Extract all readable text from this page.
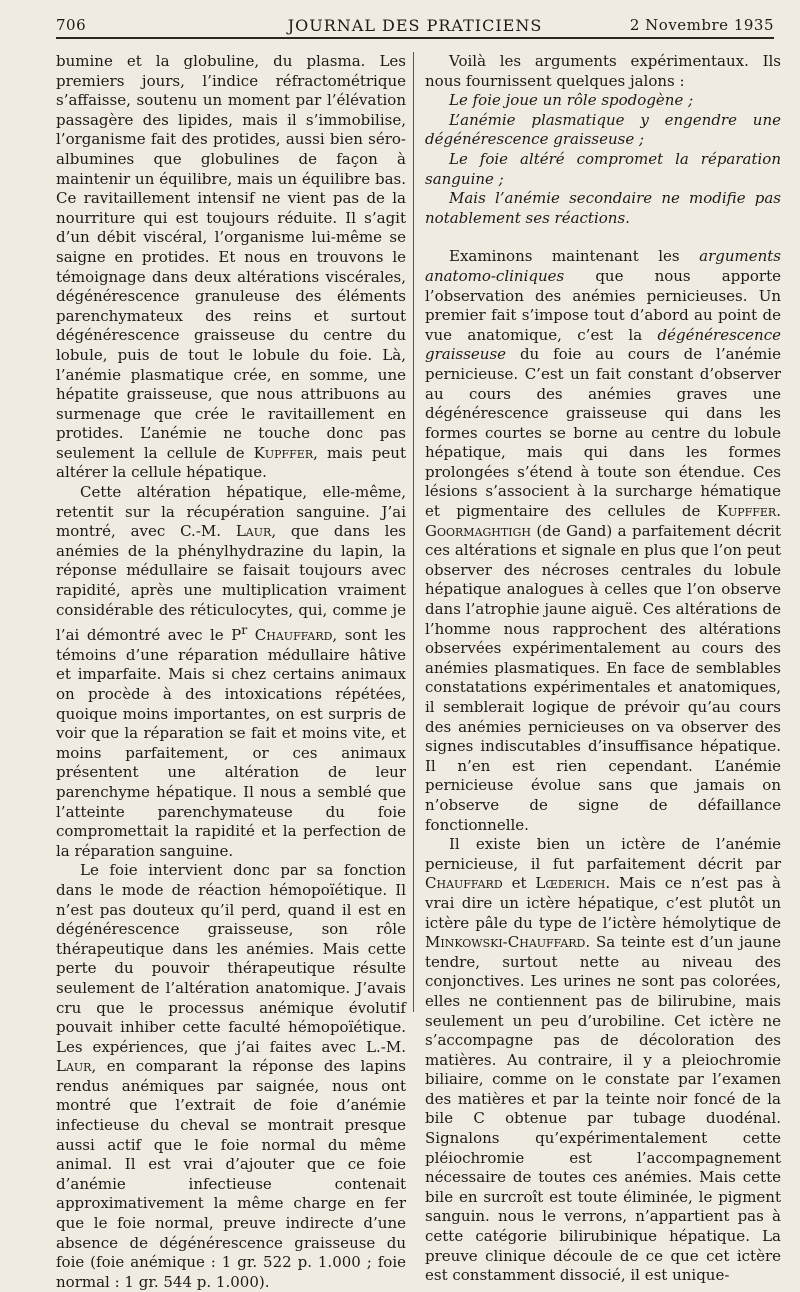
706	JOURNAL DES PRATICIENS	2 Novembre 1935

bumine et la globuline, du plasma. Les premiers jours, l’indice réfractométrique s’affaisse, soutenu un moment par l’élévation passagère des lipides, mais il s’immobilise, l’organisme fait des protides, aussi bien séro-albumines que globulines de façon à maintenir un équilibre, mais un équilibre bas. Ce ravitaillement intensif ne vient pas de la nourriture qui est toujours réduite. Il s’agit d’un débit viscéral, l’organisme lui-même se saigne en protides. Et nous en trouvons le témoignage dans deux altérations viscérales, dégénérescence granuleuse des éléments parenchymateux des reins et surtout dégénérescence graisseuse du centre du lobule, puis de tout le lobule du foie. Là, l’anémie plasmatique crée, en somme, une hépatite graisseuse, que nous attribuons au surmenage que crée le ravitaillement en protides. L’anémie ne touche donc pas seulement la cellule de Kupffer, mais peut altérer la cellule hépatique.

Cette altération hépatique, elle-même, retentit sur la récupération sanguine. J’ai montré, avec C.-M. Laur, que dans les anémies de la phénylhydrazine du lapin, la réponse médullaire se faisait toujours avec rapidité, après une multiplication vraiment considérable des réticulocytes, qui, comme je l’ai démontré avec le $P^r$ Chauffard, sont les témoins d’une réparation médullaire hâtive et imparfaite. Mais si chez certains animaux on procède à des intoxications répétées, quoique moins importantes, on est surpris de voir que la réparation se fait et moins vite, et moins parfaitement, or ces animaux présentent une altération de leur parenchyme hépatique. Il nous a semblé que l’atteinte parenchymateuse du foie compromettait la rapidité et la perfection de la réparation sanguine.

Le foie intervient donc par sa fonction dans le mode de réaction hémopoïétique. Il n’est pas douteux qu’il perd, quand il est en dégénérescence graisseuse, son rôle thérapeutique dans les anémies. Mais cette perte du pouvoir thérapeutique résulte seulement de l’altération anatomique. J’avais cru que le processus anémique évolutif pouvait inhiber cette faculté hémopoïétique. Les expériences, que j’ai faites avec L.-M. Laur, en comparant la réponse des lapins rendus anémiques par saignée, nous ont montré que l’extrait de foie d’anémie infectieuse du cheval se montrait presque aussi actif que le foie normal du même animal. Il est vrai d’ajouter que ce foie d’anémie infectieuse contenait approximativement la même charge en fer que le foie normal, preuve indirecte d’une absence de dégénérescence graisseuse du foie (foie anémique : 1 gr. 522 p. 1.000 ; foie normal : 1 gr. 544 p. 1.000).

Voilà les arguments expérimentaux. Ils nous fournissent quelques jalons :

Le foie joue un rôle spodogène ;

L’anémie plasmatique y engendre une dégénérescence graisseuse ;

Le foie altéré compromet la réparation sanguine ;

Mais l’anémie secondaire ne modifie pas notablement ses réactions.

Examinons maintenant les arguments anatomo-cliniques que nous apporte l’observation des anémies pernicieuses. Un premier fait s’impose tout d’abord au point de vue anatomique, c’est la dégénérescence graisseuse du foie au cours de l’anémie pernicieuse. C’est un fait constant d’observer au cours des anémies graves une dégénérescence graisseuse qui dans les formes courtes se borne au centre du lobule hépatique, mais qui dans les formes prolongées s’étend à toute son étendue. Ces lésions s’associent à la surcharge hématique et pigmentaire des cellules de Kupffer. Goormaghtigh (de Gand) a parfaitement décrit ces altérations et signale en plus que l’on peut observer des nécroses centrales du lobule hépatique analogues à celles que l’on observe dans l’atrophie jaune aiguë. Ces altérations de l’homme nous rapprochent des altérations observées expérimentalement au cours des anémies plasmatiques. En face de semblables constatations expérimentales et anatomiques, il semblerait logique de prévoir qu’au cours des anémies pernicieuses on va observer des signes indiscutables d’insuffisance hépatique. Il n’en est rien cependant. L’anémie pernicieuse évolue sans que jamais on n’observe de signe de défaillance fonctionnelle.

Il existe bien un ictère de l’anémie pernicieuse, il fut parfaitement décrit par Chauffard et Lœderich. Mais ce n’est pas à vrai dire un ictère hépatique, c’est plutôt un ictère pâle du type de l’ictère hémolytique de Minkowski-Chauffard. Sa teinte est d’un jaune tendre, surtout nette au niveau des conjonctives. Les urines ne sont pas colorées, elles ne contiennent pas de bilirubine, mais seulement un peu d’urobiline. Cet ictère ne s’accompagne pas de décoloration des matières. Au contraire, il y a pleiochromie biliaire, comme on le constate par l’examen des matières et par la teinte noir foncé de la bile C obtenue par tubage duodénal. Signalons qu’expérimentalement cette pléiochromie est l’accompagnement nécessaire de toutes ces anémies. Mais cette bile en surcroît est toute éliminée, le pigment sanguin. nous le verrons, n’appartient pas à cette catégorie bilirubinique hépatique. La preuve clinique découle de ce que cet ictère est constamment dissocié, il est unique-
